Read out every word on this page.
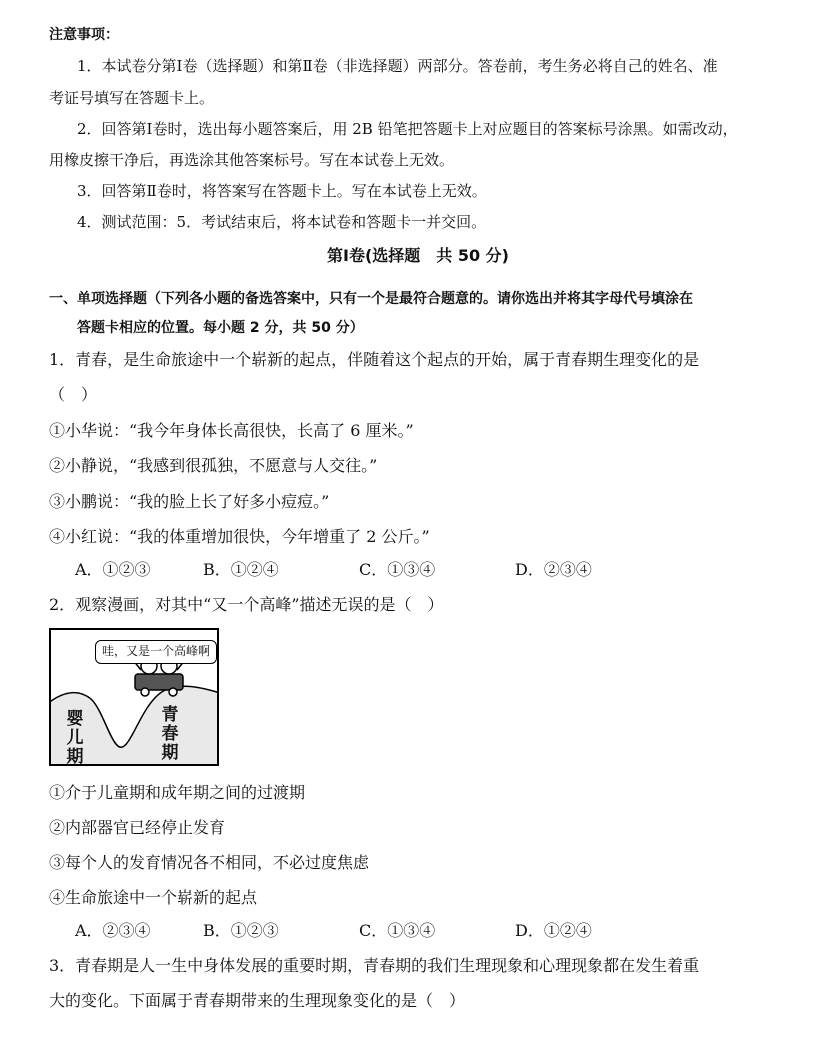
注意事项：
1．本试卷分第Ⅰ卷（选择题）和第Ⅱ卷（非选择题）两部分。答卷前，考生务必将自己的姓名、准
考证号填写在答题卡上。
2．回答第Ⅰ卷时，选出每小题答案后，用 2B 铅笔把答题卡上对应题目的答案标号涂黑。如需改动，
用橡皮擦干净后，再选涂其他答案标号。写在本试卷上无效。
3．回答第Ⅱ卷时，将答案写在答题卡上。写在本试卷上无效。
4．测试范围：5．考试结束后，将本试卷和答题卡一并交回。
第Ⅰ卷(选择题　共 50 分)
一、单项选择题（下列各小题的备选答案中，只有一个是最符合题意的。请你选出并将其字母代号填涂在
答题卡相应的位置。每小题 2 分，共 50 分）
1．青春，是生命旅途中一个崭新的起点，伴随着这个起点的开始，属于青春期生理变化的是
（　）
①小华说：“我今年身体长高很快，长高了 6 厘米。”
②小静说，“我感到很孤独，不愿意与人交往。”
③小鹏说：“我的脸上长了好多小痘痘。”
④小红说：“我的体重增加很快，今年增重了 2 公斤。”
A．①②③	B．①②④	C．①③④	D．②③④
2．观察漫画，对其中“又一个高峰”描述无误的是（　）
哇，又是一个高峰啊
婴
儿
期
青
春
期
①介于儿童期和成年期之间的过渡期
②内部器官已经停止发育
③每个人的发育情况各不相同，不必过度焦虑
④生命旅途中一个崭新的起点
A．②③④	B．①②③	C．①③④	D．①②④
3．青春期是人一生中身体发展的重要时期，青春期的我们生理现象和心理现象都在发生着重
大的变化。下面属于青春期带来的生理现象变化的是（　）
